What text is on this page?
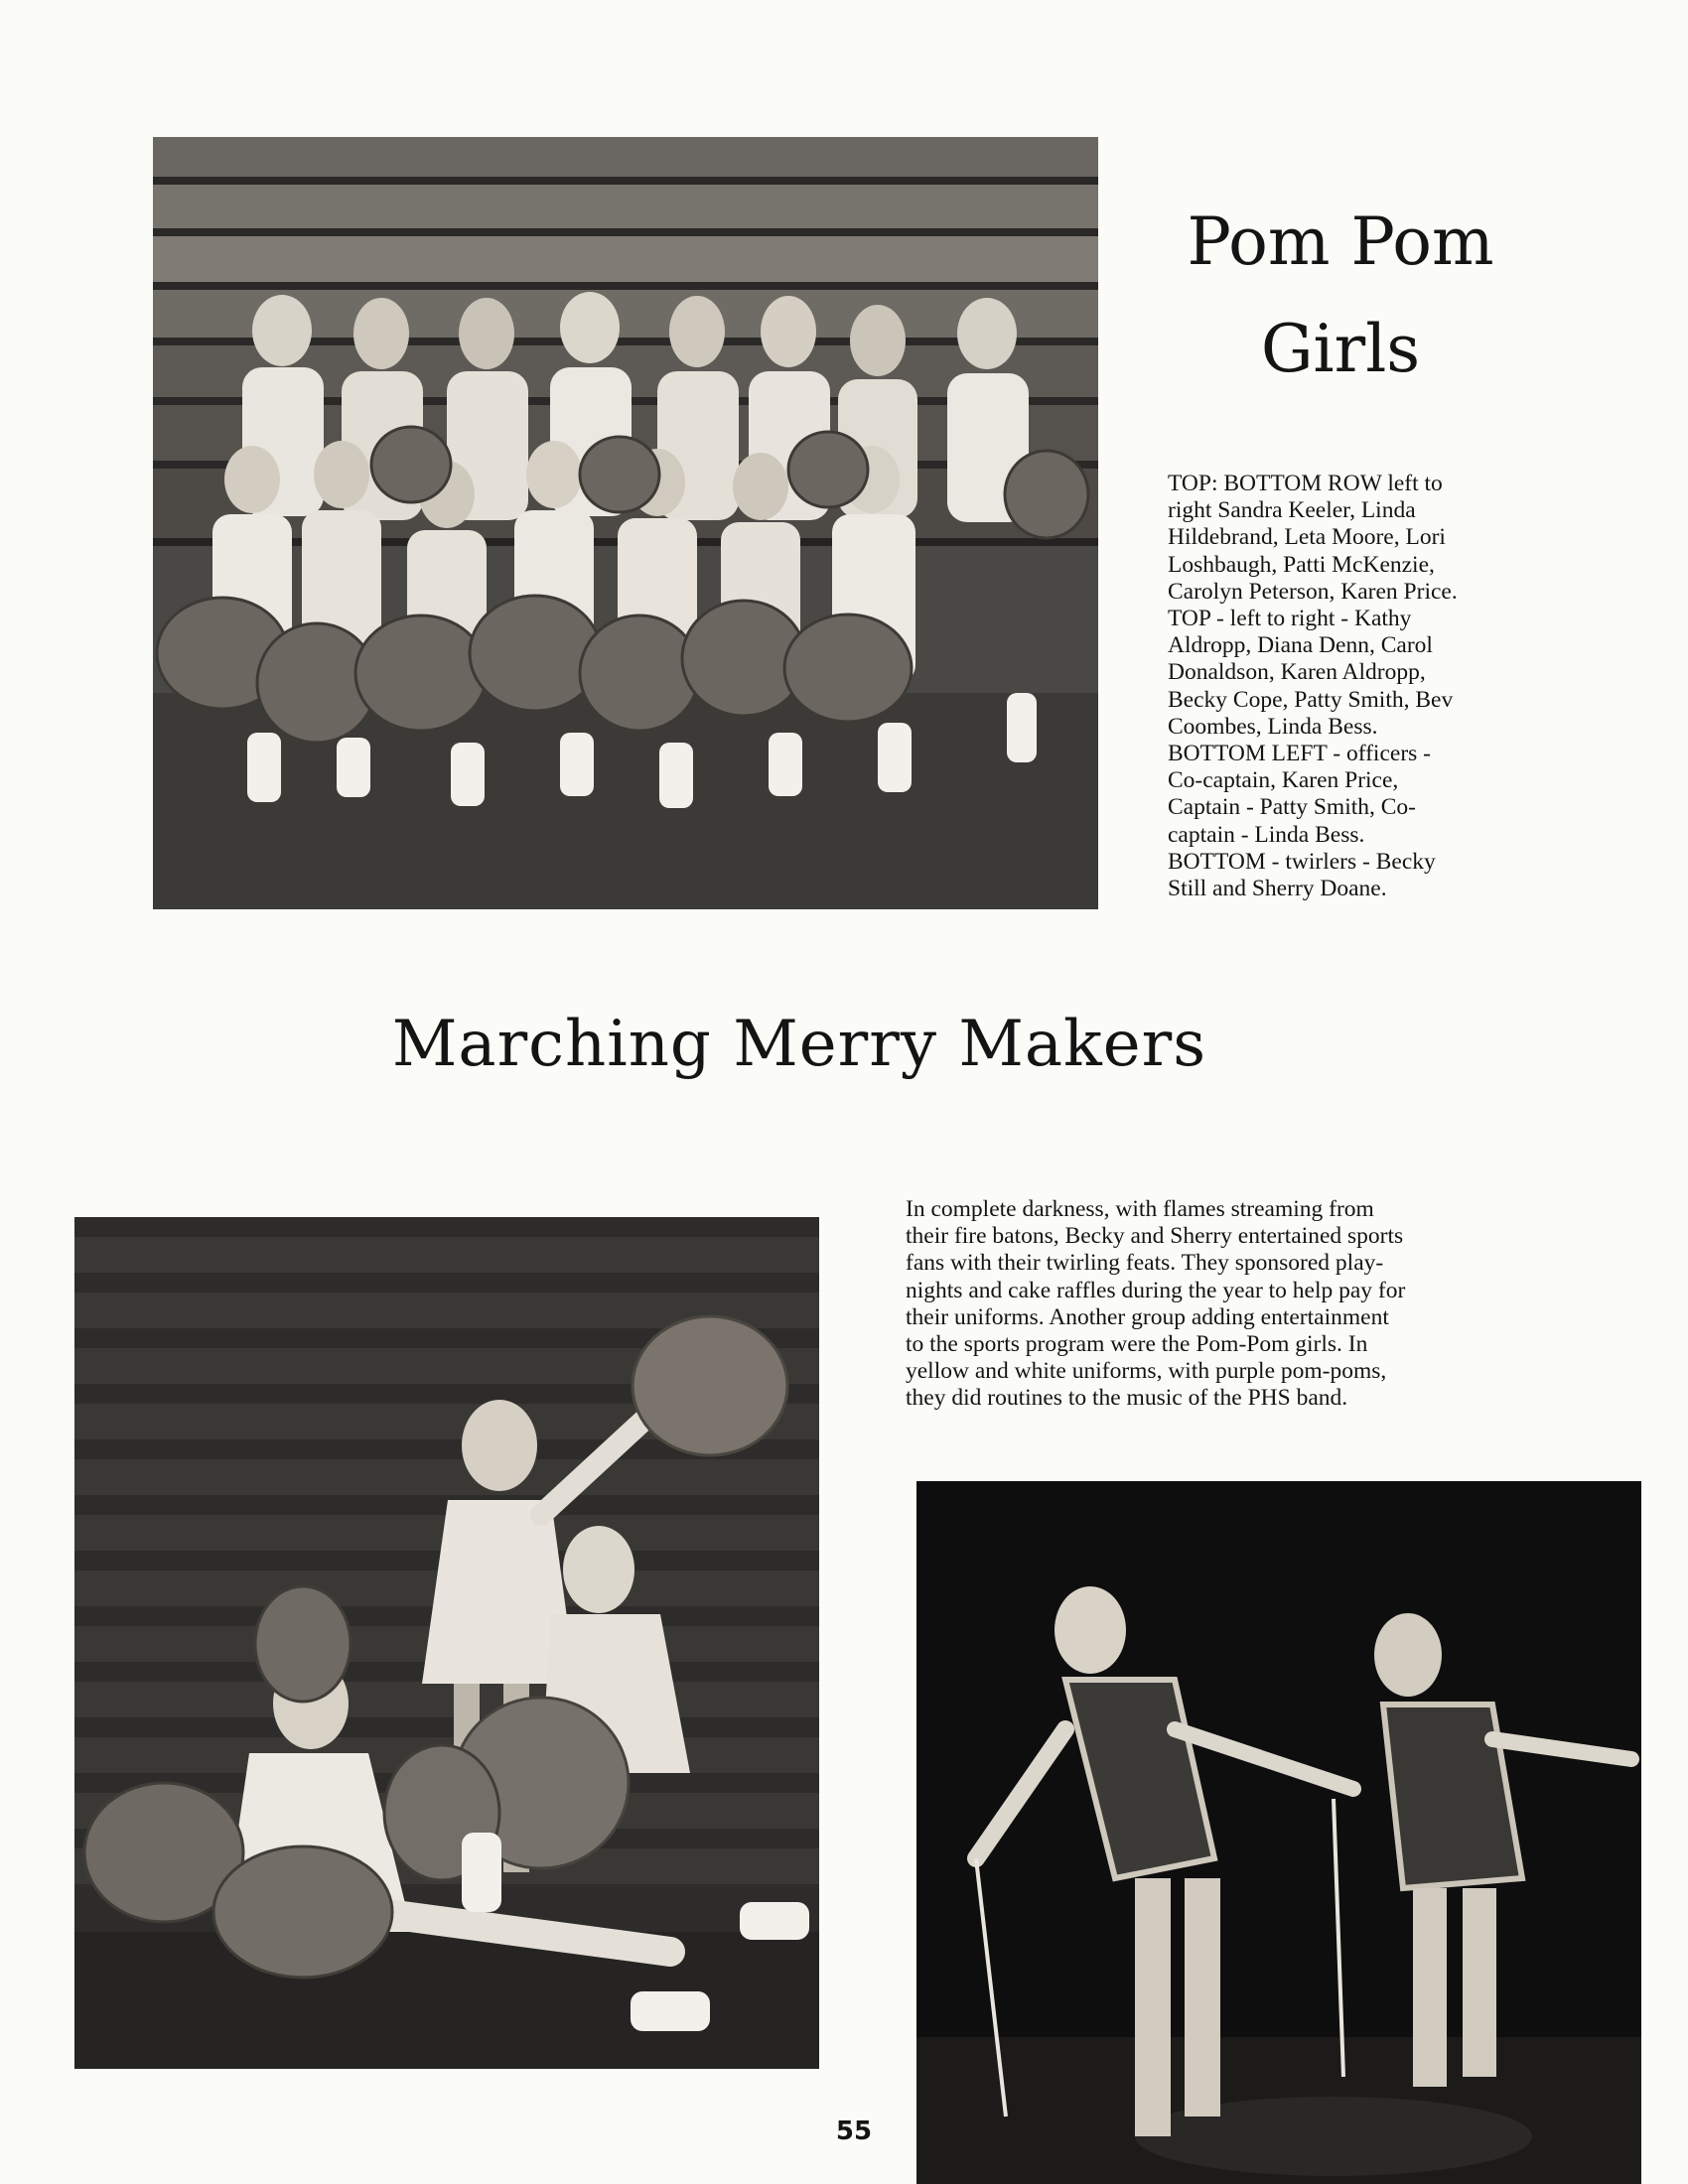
Pom Pom
Girls

TOP: BOTTOM ROW left to
right Sandra Keeler, Linda
Hildebrand, Leta Moore, Lori
Loshbaugh, Patti McKenzie,
Carolyn Peterson, Karen Price.
TOP - left to right - Kathy
Aldropp, Diana Denn, Carol
Donaldson, Karen Aldropp,
Becky Cope, Patty Smith, Bev
Coombes, Linda Bess.
BOTTOM LEFT - officers -
Co-captain, Karen Price,
Captain - Patty Smith, Co-
captain - Linda Bess.
BOTTOM - twirlers - Becky
Still and Sherry Doane.

Marching Merry Makers

In complete darkness, with flames streaming from
their fire batons, Becky and Sherry entertained sports
fans with their twirling feats. They sponsored play-
nights and cake raffles during the year to help pay for
their uniforms. Another group adding entertainment
to the sports program were the Pom-Pom girls. In
yellow and white uniforms, with purple pom-poms,
they did routines to the music of the PHS band.

55
